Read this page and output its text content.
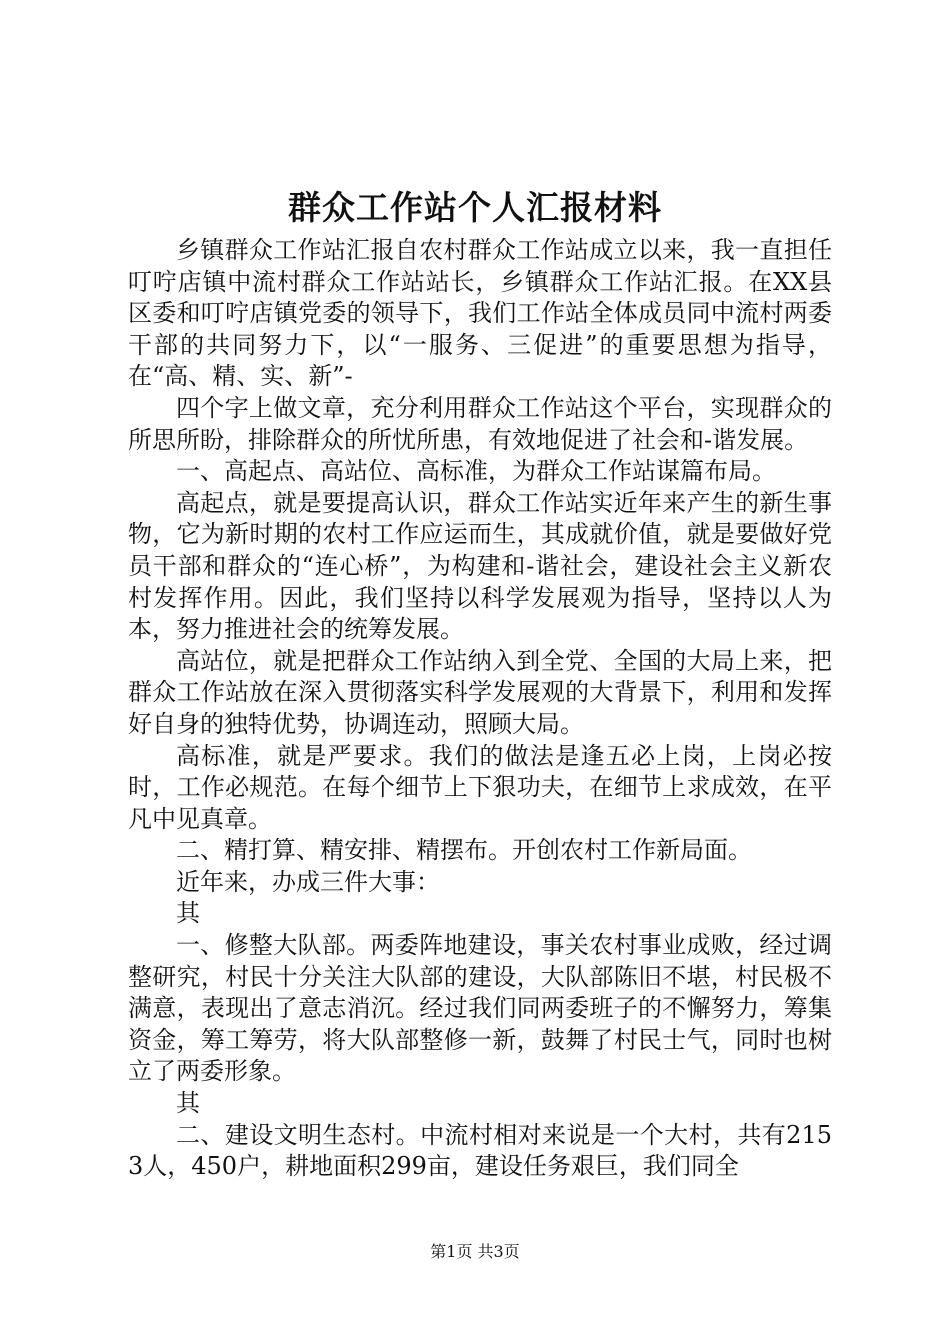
群众工作站个人汇报材料

乡镇群众工作站汇报自农村群众工作站成立以来，我一直担任叮咛店镇中流村群众工作站站长，乡镇群众工作站汇报。在XX县区委和叮咛店镇党委的领导下，我们工作站全体成员同中流村两委干部的共同努力下，以“一服务、三促进”的重要思想为指导，在“高、精、实、新”-

四个字上做文章，充分利用群众工作站这个平台，实现群众的所思所盼，排除群众的所忧所患，有效地促进了社会和-谐发展。

一、高起点、高站位、高标准，为群众工作站谋篇布局。

高起点，就是要提高认识，群众工作站实近年来产生的新生事物，它为新时期的农村工作应运而生，其成就价值，就是要做好党员干部和群众的“连心桥”，为构建和-谐社会，建设社会主义新农村发挥作用。因此，我们坚持以科学发展观为指导，坚持以人为本，努力推进社会的统筹发展。

高站位，就是把群众工作站纳入到全党、全国的大局上来，把群众工作站放在深入贯彻落实科学发展观的大背景下，利用和发挥好自身的独特优势，协调连动，照顾大局。

高标准，就是严要求。我们的做法是逢五必上岗，上岗必按时，工作必规范。在每个细节上下狠功夫，在细节上求成效，在平凡中见真章。

二、精打算、精安排、精摆布。开创农村工作新局面。

近年来，办成三件大事：

其

一、修整大队部。两委阵地建设，事关农村事业成败，经过调整研究，村民十分关注大队部的建设，大队部陈旧不堪，村民极不满意，表现出了意志消沉。经过我们同两委班子的不懈努力，筹集资金，筹工筹劳，将大队部整修一新，鼓舞了村民士气，同时也树立了两委形象。

其

二、建设文明生态村。中流村相对来说是一个大村，共有2153人，450户，耕地面积299亩，建设任务艰巨，我们同全

第1页 共3页
